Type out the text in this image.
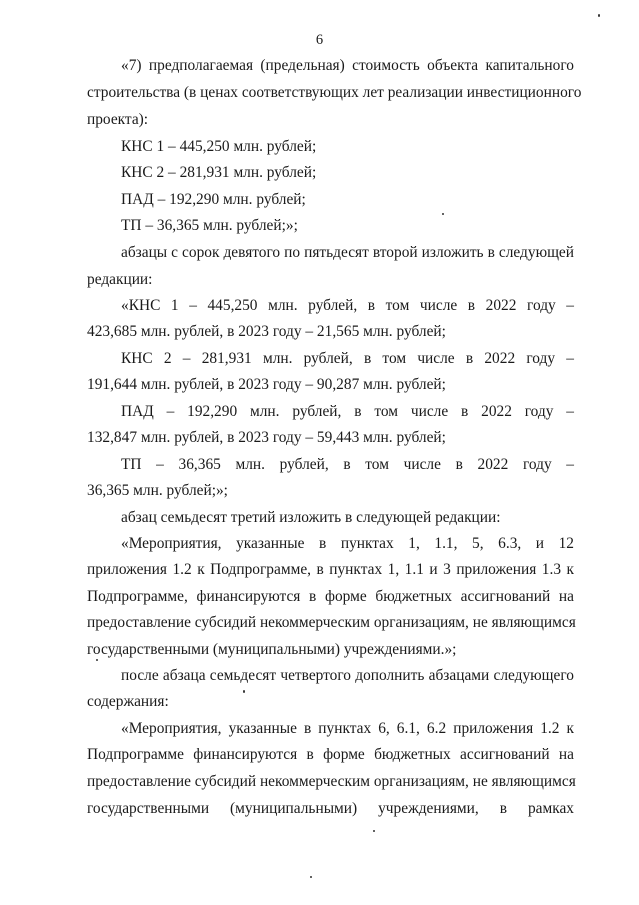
6
«7) предполагаемая (предельная) стоимость объекта капитального
строительства (в ценах соответствующих лет реализации инвестиционного
проекта):
КНС 1 – 445,250 млн. рублей;
КНС 2 – 281,931 млн. рублей;
ПАД – 192,290 млн. рублей;
ТП – 36,365 млн. рублей;»;
абзацы с сорок девятого по пятьдесят второй изложить в следующей
редакции:
«КНС 1 – 445,250 млн. рублей, в том числе в 2022 году –
423,685 млн. рублей, в 2023 году – 21,565 млн. рублей;
КНС 2 – 281,931 млн. рублей, в том числе в 2022 году –
191,644 млн. рублей, в 2023 году – 90,287 млн. рублей;
ПАД – 192,290 млн. рублей, в том числе в 2022 году –
132,847 млн. рублей, в 2023 году – 59,443 млн. рублей;
ТП – 36,365 млн. рублей, в том числе в 2022 году –
36,365 млн. рублей;»;
абзац семьдесят третий изложить в следующей редакции:
«Мероприятия, указанные в пунктах 1, 1.1, 5, 6.3, и 12
приложения 1.2 к Подпрограмме, в пунктах 1, 1.1 и 3 приложения 1.3 к
Подпрограмме, финансируются в форме бюджетных ассигнований на
предоставление субсидий некоммерческим организациям, не являющимся
государственными (муниципальными) учреждениями.»;
после абзаца семьдесят четвертого дополнить абзацами следующего
содержания:
«Мероприятия, указанные в пунктах 6, 6.1, 6.2 приложения 1.2 к
Подпрограмме финансируются в форме бюджетных ассигнований на
предоставление субсидий некоммерческим организациям, не являющимся
государственными (муниципальными) учреждениями, в рамках
